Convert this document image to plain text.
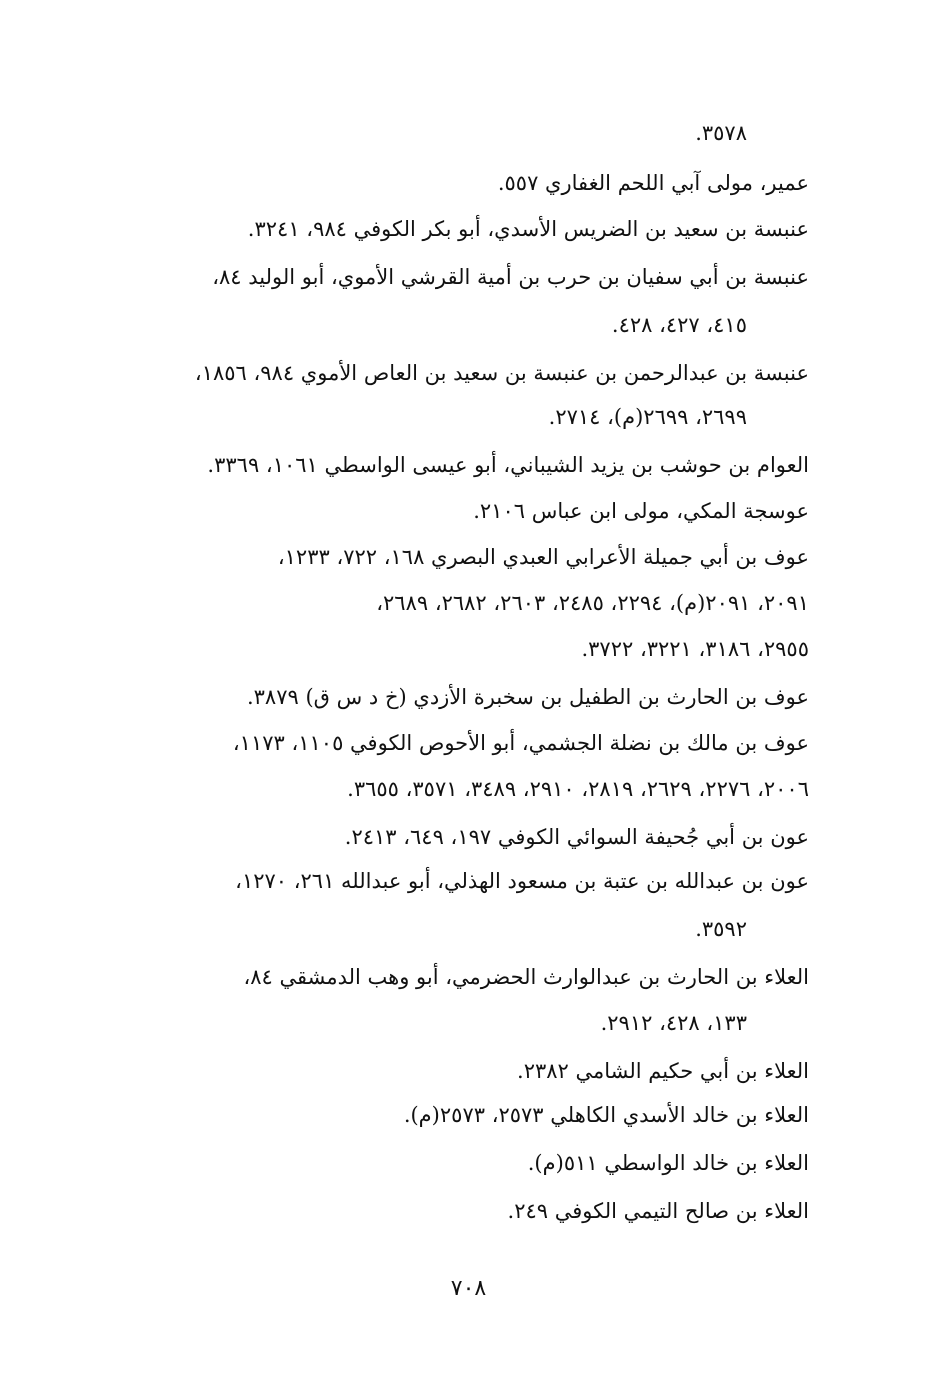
٣٥٧٨.
عمير، مولى آبي اللحم الغفاري ٥٥٧.
عنبسة بن سعيد بن الضريس الأسدي، أبو بكر الكوفي ٩٨٤، ٣٢٤١.
عنبسة بن أبي سفيان بن حرب بن أمية القرشي الأموي، أبو الوليد ٨٤،
٤١٥، ٤٢٧، ٤٢٨.
عنبسة بن عبدالرحمن بن عنبسة بن سعيد بن العاص الأموي ٩٨٤، ١٨٥٦،
٢٦٩٩، ٢٦٩٩(م)، ٢٧١٤.
العوام بن حوشب بن يزيد الشيباني، أبو عيسى الواسطي ١٠٦١، ٣٣٦٩.
عوسجة المكي، مولى ابن عباس ٢١٠٦.
عوف بن أبي جميلة الأعرابي العبدي البصري ١٦٨، ٧٢٢، ١٢٣٣،
٢٠٩١، ٢٠٩١(م)، ٢٢٩٤، ٢٤٨٥، ٢٦٠٣، ٢٦٨٢، ٢٦٨٩،
٢٩٥٥، ٣١٨٦، ٣٢٢١، ٣٧٢٢.
عوف بن الحارث بن الطفيل بن سخبرة الأزدي (خ د س ق) ٣٨٧٩.
عوف بن مالك بن نضلة الجشمي، أبو الأحوص الكوفي ١١٠٥، ١١٧٣،
٢٠٠٦، ٢٢٧٦، ٢٦٢٩، ٢٨١٩، ٢٩١٠، ٣٤٨٩، ٣٥٧١، ٣٦٥٥.
عون بن أبي جُحيفة السوائي الكوفي ١٩٧، ٦٤٩، ٢٤١٣.
عون بن عبدالله بن عتبة بن مسعود الهذلي، أبو عبدالله ٢٦١، ١٢٧٠،
٣٥٩٢.
العلاء بن الحارث بن عبدالوارث الحضرمي، أبو وهب الدمشقي ٨٤،
١٣٣، ٤٢٨، ٢٩١٢.
العلاء بن أبي حكيم الشامي ٢٣٨٢.
العلاء بن خالد الأسدي الكاهلي ٢٥٧٣، ٢٥٧٣(م).
العلاء بن خالد الواسطي ٥١١(م).
العلاء بن صالح التيمي الكوفي ٢٤٩.
٧٠٨
